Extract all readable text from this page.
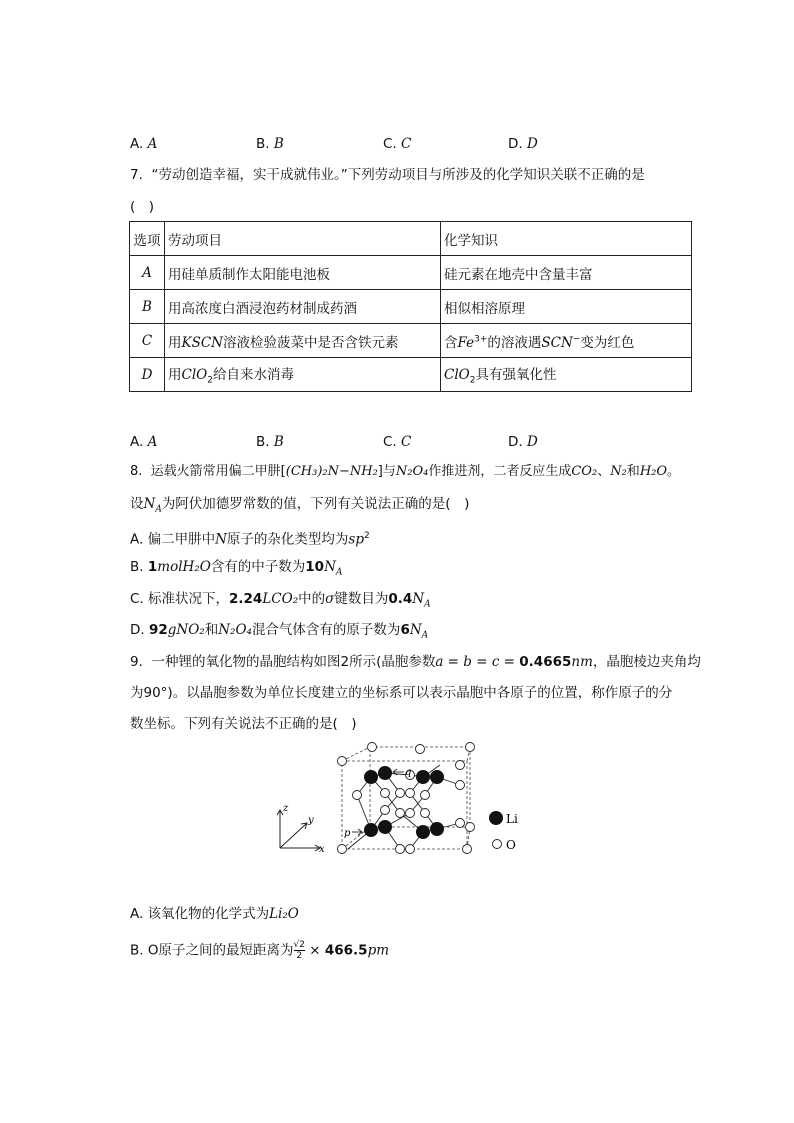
A. A	B. B	C. C	D. D
7. “劳动创造幸福，实干成就伟业。”下列劳动项目与所涉及的化学知识关联不正确的是
(　)
选项	劳动项目	化学知识
A	用硅单质制作太阳能电池板	硅元素在地壳中含量丰富
B	用高浓度白酒浸泡药材制成药酒	相似相溶原理
C	用KSCN溶液检验菠菜中是否含铁元素	含$Fe^{3+}$的溶液遇SCN−变为红色
D	用ClO$_2$给自来水消毒	ClO$_2$具有强氧化性
A. A	B. B	C. C	D. D
8. 运载火箭常用偏二甲肼[(CH₃)₂N−NH₂]与N₂O₄作推进剂，二者反应生成CO₂、N₂和H₂O。
设$N_A$为阿伏加德罗常数的值，下列有关说法正确的是(　)
A. 偏二甲肼中N原子的杂化类型均为$sp^2$
B. 1molH₂O含有的中子数为$10N_A$
C. 标准状况下，2.24LCO₂中的σ键数目为$0.4N_A$
D. 92gNO₂和N₂O₄混合气体含有的原子数为$6N_A$
9. 一种锂的氧化物的晶胞结构如图2所示(晶胞参数a = b = c = 0.4665nm，晶胞棱边夹角均
为90°)。以晶胞参数为单位长度建立的坐标系可以表示晶胞中各原子的位置，称作原子的分
数坐标。下列有关说法不正确的是(　)
z
y
x
p
q
Li
O
A. 该氧化物的化学式为Li₂O
B. O原子之间的最短距离为 $\frac{√2}{2} \times 466.5pm$
